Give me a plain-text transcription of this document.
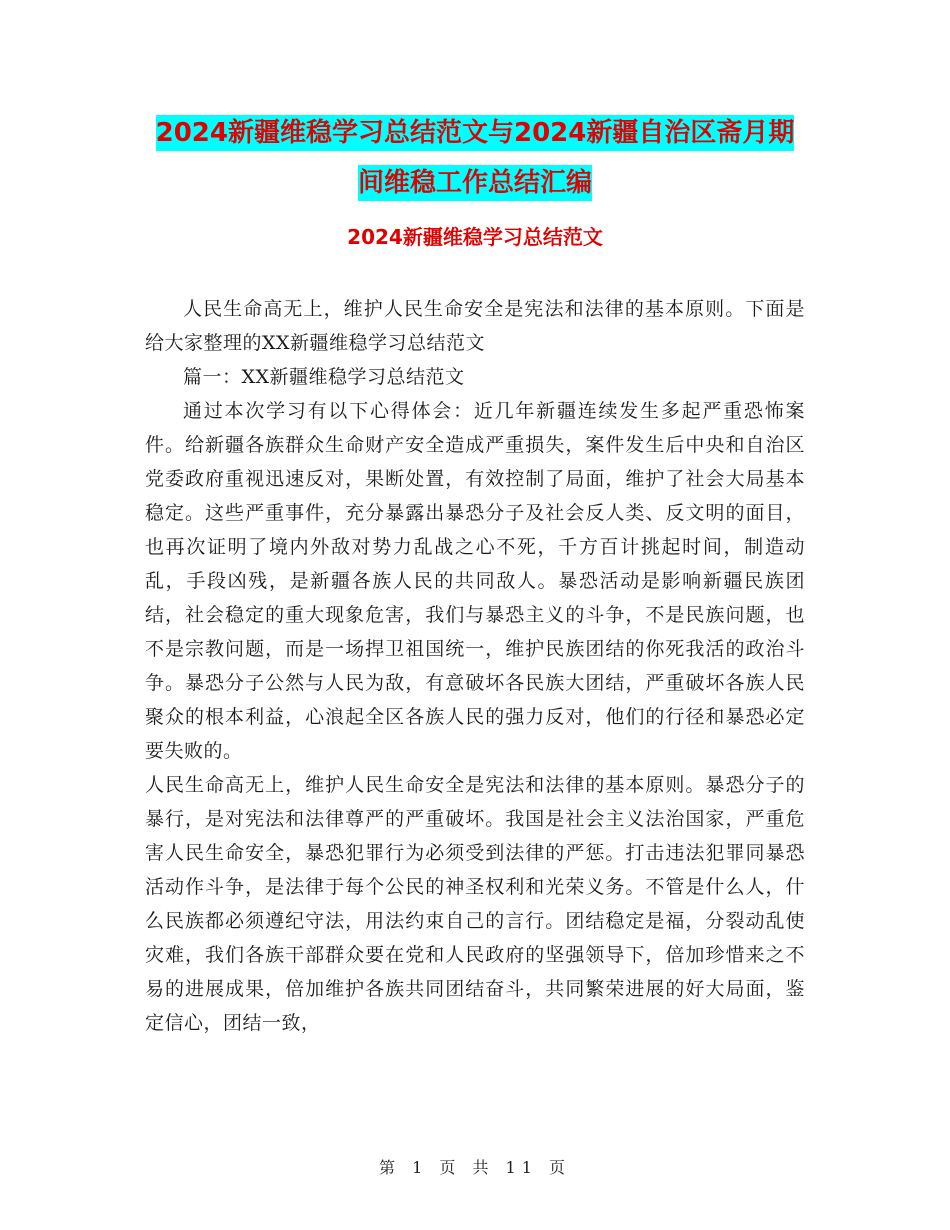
2024新疆维稳学习总结范文与2024新疆自治区斋月期
间维稳工作总结汇编
2024新疆维稳学习总结范文

人民生命高无上，维护人民生命安全是宪法和法律的基本原则。下面是给大家整理的XX新疆维稳学习总结范文

篇一：XX新疆维稳学习总结范文

通过本次学习有以下心得体会：近几年新疆连续发生多起严重恐怖案件。给新疆各族群众生命财产安全造成严重损失，案件发生后中央和自治区党委政府重视迅速反对，果断处置，有效控制了局面，维护了社会大局基本稳定。这些严重事件，充分暴露出暴恐分子及社会反人类、反文明的面目，也再次证明了境内外敌对势力乱战之心不死，千方百计挑起时间，制造动乱，手段凶残，是新疆各族人民的共同敌人。暴恐活动是影响新疆民族团结，社会稳定的重大现象危害，我们与暴恐主义的斗争，不是民族问题，也不是宗教问题，而是一场捍卫祖国统一，维护民族团结的你死我活的政治斗争。暴恐分子公然与人民为敌，有意破坏各民族大团结，严重破坏各族人民聚众的根本利益，心浪起全区各族人民的强力反对，他们的行径和暴恐必定要失败的。

人民生命高无上，维护人民生命安全是宪法和法律的基本原则。暴恐分子的暴行，是对宪法和法律尊严的严重破坏。我国是社会主义法治国家，严重危害人民生命安全，暴恐犯罪行为必须受到法律的严惩。打击违法犯罪同暴恐活动作斗争，是法律于每个公民的神圣权利和光荣义务。不管是什么人，什么民族都必须遵纪守法，用法约束自己的言行。团结稳定是福，分裂动乱使灾难，我们各族干部群众要在党和人民政府的坚强领导下，倍加珍惜来之不易的进展成果，倍加维护各族共同团结奋斗，共同繁荣进展的好大局面，鉴定信心，团结一致，

第 1 页 共 11 页
